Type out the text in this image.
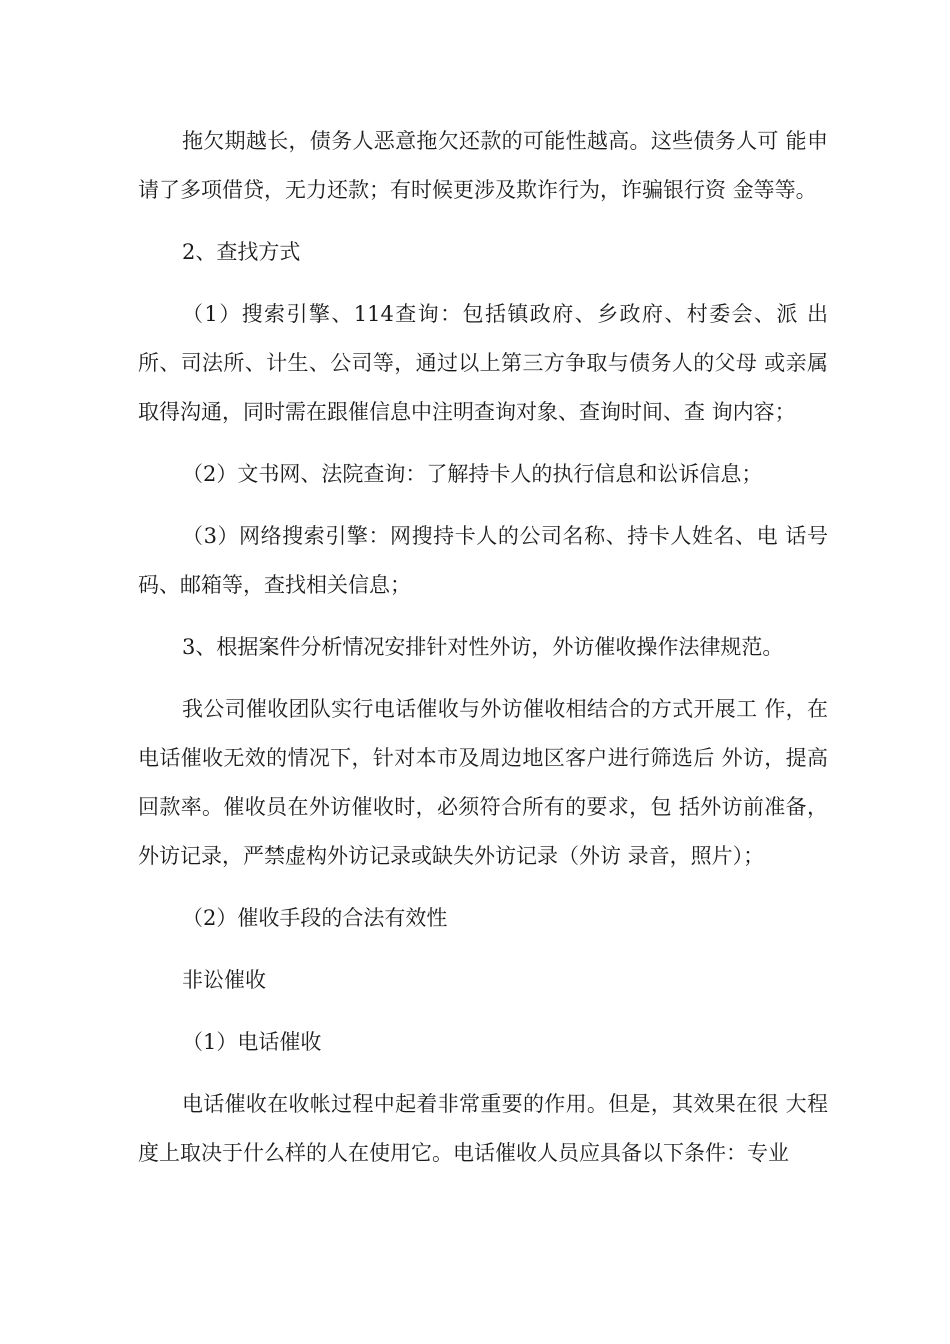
拖欠期越长，债务人恶意拖欠还款的可能性越高。这些债务人可 能申请了多项借贷，无力还款；有时候更涉及欺诈行为，诈骗银行资 金等等。

2、查找方式

（1）搜索引擎、114查询：包括镇政府、乡政府、村委会、派 出所、司法所、计生、公司等，通过以上第三方争取与债务人的父母 或亲属取得沟通，同时需在跟催信息中注明查询对象、查询时间、查 询内容；

（2）文书网、法院查询：了解持卡人的执行信息和讼诉信息；

（3）网络搜索引擎：网搜持卡人的公司名称、持卡人姓名、电 话号码、邮箱等，查找相关信息；

3、根据案件分析情况安排针对性外访，外访催收操作法律规范。

我公司催收团队实行电话催收与外访催收相结合的方式开展工 作，在电话催收无效的情况下，针对本市及周边地区客户进行筛选后 外访，提高回款率。催收员在外访催收时，必须符合所有的要求，包 括外访前准备，外访记录，严禁虚构外访记录或缺失外访记录（外访 录音，照片）；

（2）催收手段的合法有效性

非讼催收

（1）电话催收

电话催收在收帐过程中起着非常重要的作用。但是，其效果在很 大程度上取决于什么样的人在使用它。电话催收人员应具备以下条件：专业
